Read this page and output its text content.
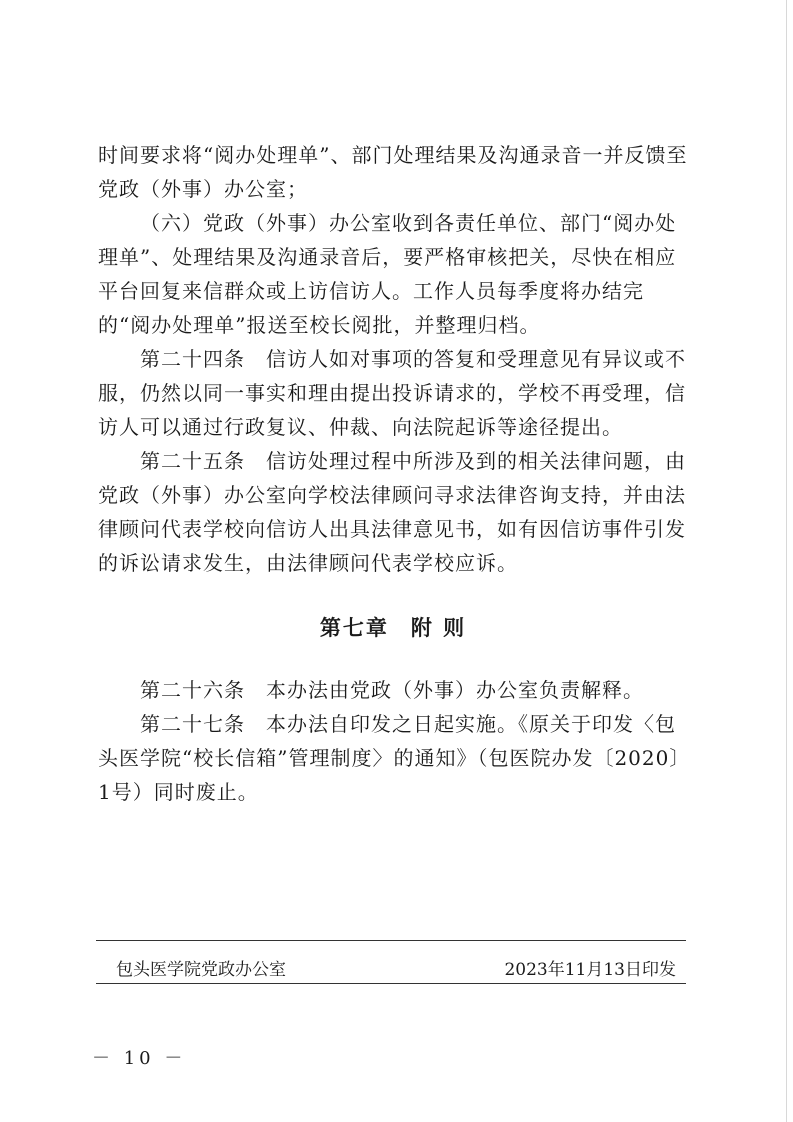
时间要求将“阅办处理单”、部门处理结果及沟通录音一并反馈至党政（外事）办公室；

（六）党政（外事）办公室收到各责任单位、部门“阅办处理单”、处理结果及沟通录音后，要严格审核把关，尽快在相应平台回复来信群众或上访信访人。工作人员每季度将办结完的“阅办处理单”报送至校长阅批，并整理归档。

第二十四条　 信访人如对事项的答复和受理意见有异议或不服，仍然以同一事实和理由提出投诉请求的，学校不再受理，信访人可以通过行政复议、仲裁、向法院起诉等途径提出。

第二十五条　 信访处理过程中所涉及到的相关法律问题，由党政（外事）办公室向学校法律顾问寻求法律咨询支持，并由法律顾问代表学校向信访人出具法律意见书，如有因信访事件引发的诉讼请求发生，由法律顾问代表学校应诉。

第七章 附 则

第二十六条　 本办法由党政（外事）办公室负责解释。

第二十七条　 本办法自印发之日起实施。《原关于印发〈包头医学院“校长信箱”管理制度〉的通知》（包医院办发〔2020〕1号）同时废止。

包头医学院党政办公室	2023年11月13日印发
－ 10 －
